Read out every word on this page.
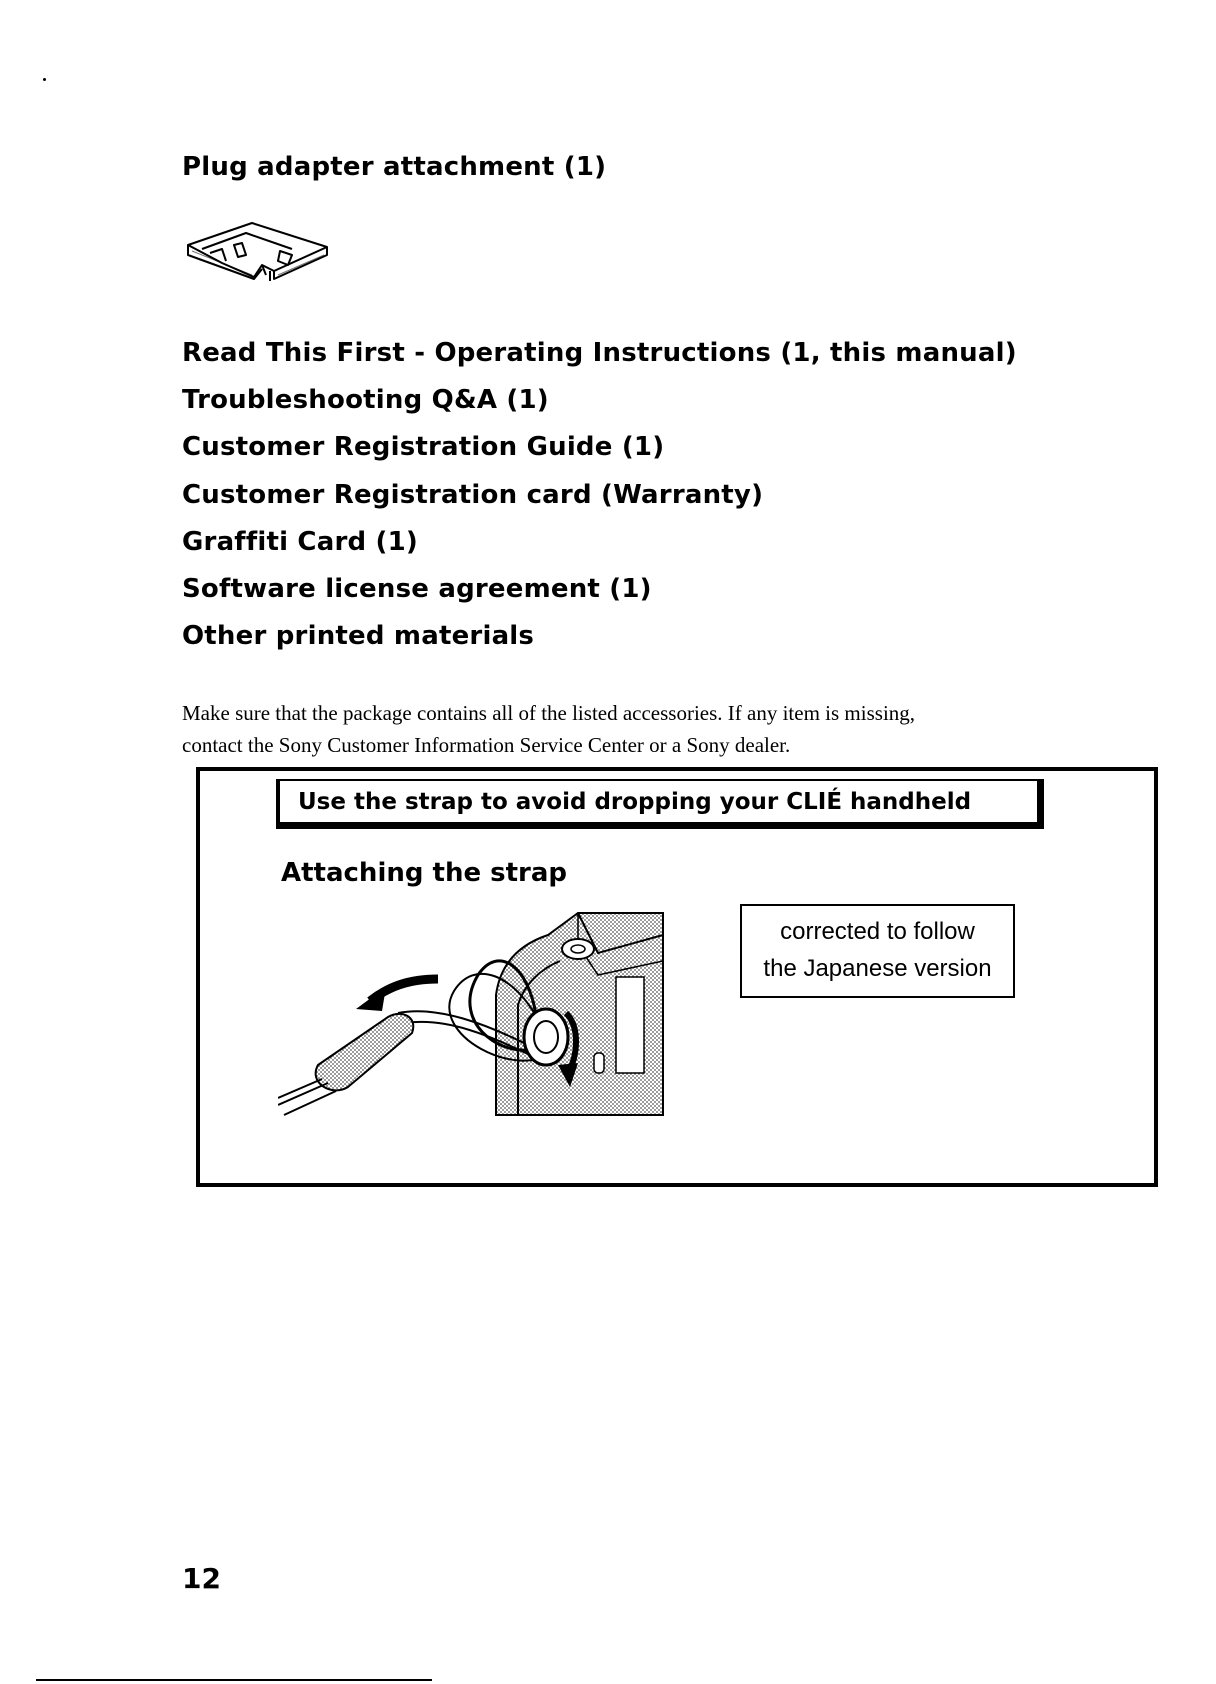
Plug adapter attachment (1)
Read This First - Operating Instructions (1, this manual)
Troubleshooting Q&A (1)
Customer Registration Guide (1)
Customer Registration card (Warranty)
Graffiti Card (1)
Software license agreement (1)
Other printed materials

Make sure that the package contains all of the listed accessories. If any item is missing,
contact the Sony Customer Information Service Center or a Sony dealer.

Use the strap to avoid dropping your CLIÉ handheld
Attaching the strap
corrected to follow
the Japanese version
12
